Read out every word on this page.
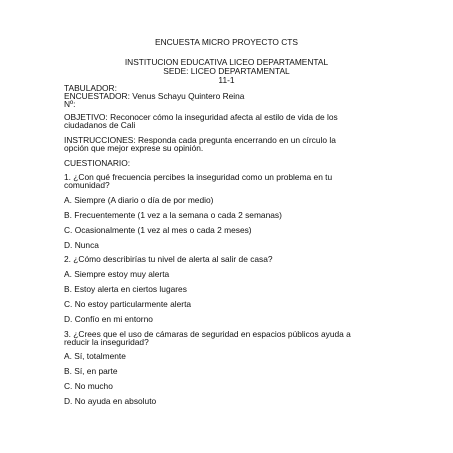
ENCUESTA MICRO PROYECTO CTS
INSTITUCION EDUCATIVA LICEO DEPARTAMENTAL
SEDE: LICEO DEPARTAMENTAL
11-1
TABULADOR:
ENCUESTADOR: Venus Schayu Quintero Reina
Nº:
OBJETIVO: Reconocer cómo la inseguridad afecta al estilo de vida de los
ciudadanos de Cali
INSTRUCCIONES: Responda cada pregunta encerrando en un círculo la
opción que mejor exprese su opinión.
CUESTIONARIO:
1. ¿Con qué frecuencia percibes la inseguridad como un problema en tu
comunidad?
A. Siempre (A diario o día de por medio)
B. Frecuentemente (1 vez a la semana o cada 2 semanas)
C. Ocasionalmente (1 vez al mes o cada 2 meses)
D. Nunca
2. ¿Cómo describirías tu nivel de alerta al salir de casa?
A. Siempre estoy muy alerta
B. Estoy alerta en ciertos lugares
C. No estoy particularmente alerta
D. Confío en mi entorno
3. ¿Crees que el uso de cámaras de seguridad en espacios públicos ayuda a
reducir la inseguridad?
A. Sí, totalmente
B. Sí, en parte
C. No mucho
D. No ayuda en absoluto
